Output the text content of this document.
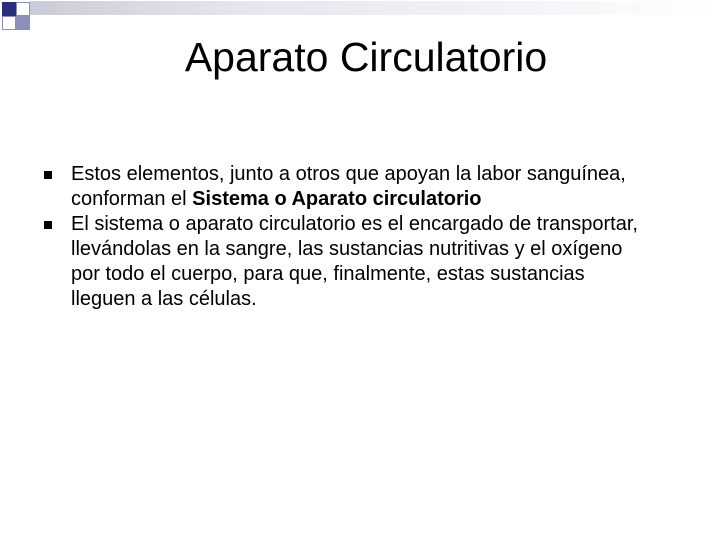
Aparato Circulatorio
Estos elementos, junto a otros que apoyan la labor sanguínea, conforman el Sistema o Aparato circulatorio
El sistema o aparato circulatorio es el encargado de transportar, llevándolas en la sangre, las sustancias nutritivas y el oxígeno por todo el cuerpo, para que, finalmente, estas sustancias lleguen a las células.
